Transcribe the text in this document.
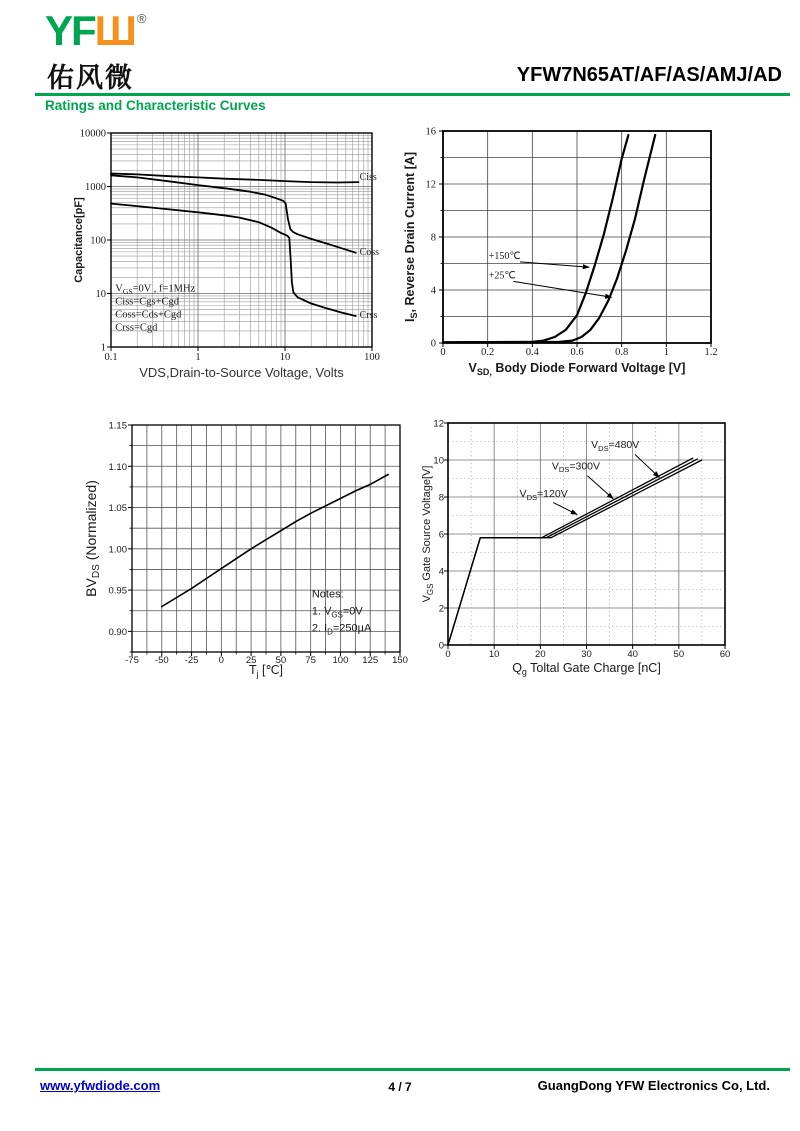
YFШ ®
佑风微	YFW7N65AT/AF/AS/AMJ/AD
Ratings and Characteristic Curves
0.1	1	10	100
1
10
100
1000
10000
VDS,Drain-to-Source Voltage, Volts
Capacitance[pF]
Ciss
Coss
Crss
$V_{GS}=0V$ , f=1MHz
Ciss=Cgs+Cgd
Coss=Cds+Cgd
Crss=Cgd
0	0.2	0.4	0.6	0.8	1	1.2
0
4
8
12
16
$V_{SD,}$ Body Diode Forward Voltage [V]
$I_S$, Reverse Drain Current [A]	+150℃
+25℃
-75 -50 -25 0 25 50 75 100 125 150
0.90
0.95
1.00
1.05
1.10
1.15
$T_j$ [℃]
BVDS (Normalized)
Notes:
1. $V_{GS}=0V$
2. $I_D=250\mu A$
0	10	20	30	40	50	60
0
2
4
6
8
10
12
$Q_g$ Toltal Gate Charge [nC]
$V_{GS}$ Gate Source Voltage[V]
$V_{DS}=480V$
$V_{DS}=300V$
$V_{DS}=120V$
www.yfwdiode.com	4 / 7	GuangDong YFW Electronics Co, Ltd.
